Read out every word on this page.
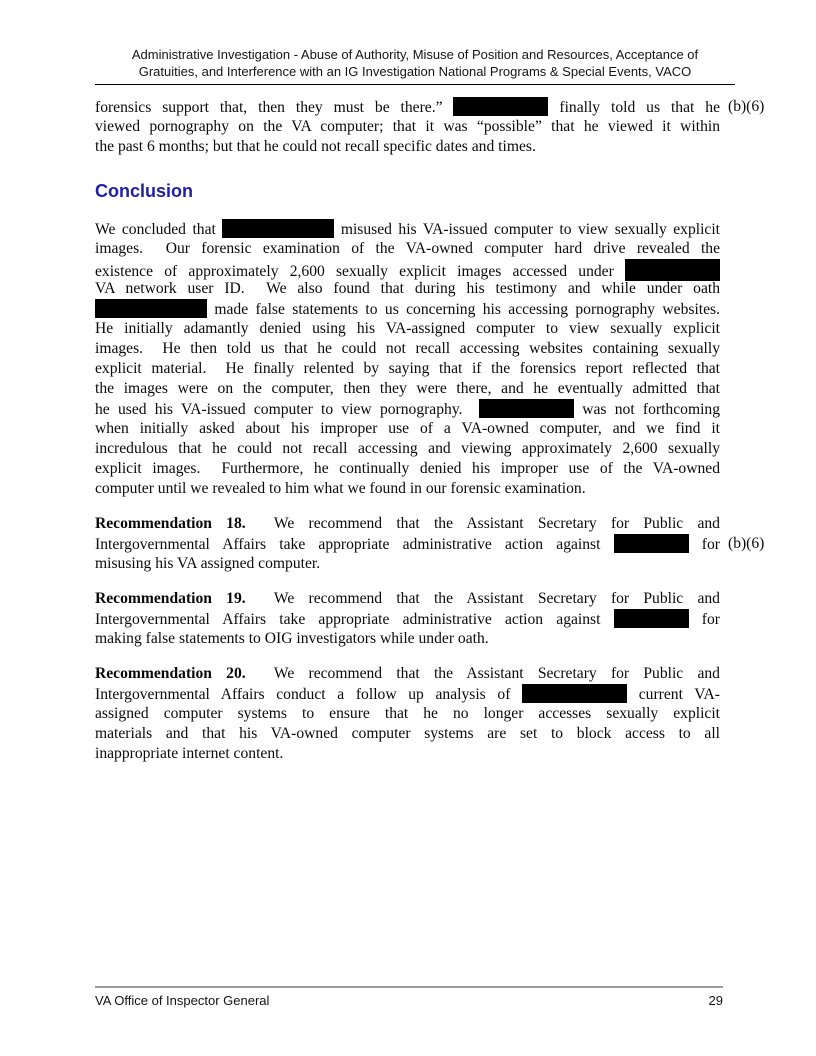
Administrative Investigation - Abuse of Authority, Misuse of Position and Resources, Acceptance of
Gratuities, and Interference with an IG Investigation National Programs & Special Events, VACO
forensics support that, then they must be there.”	finally told us that he
viewed pornography on the VA computer; that it was “possible” that he viewed it within
the past 6 months; but that he could not recall specific dates and times.
(b)(6)
Conclusion
We concluded that	misused his VA-issued computer to view sexually explicit
images.  Our forensic examination of the VA-owned computer hard drive revealed the
existence of approximately 2,600 sexually explicit images accessed under
VA network user ID.  We also found that during his testimony and while under oath
made false statements to us concerning his accessing pornography websites.
He initially adamantly denied using his VA-assigned computer to view sexually explicit
images.  He then told us that he could not recall accessing websites containing sexually
explicit material.  He finally relented by saying that if the forensics report reflected that
the images were on the computer, then they were there, and he eventually admitted that
he used his VA-issued computer to view pornography.	was not forthcoming
when initially asked about his improper use of a VA-owned computer, and we find it
incredulous that he could not recall accessing and viewing approximately 2,600 sexually
explicit images.  Furthermore, he continually denied his improper use of the VA-owned
computer until we revealed to him what we found in our forensic examination.
Recommendation 18.  We recommend that the Assistant Secretary for Public and
Intergovernmental Affairs take appropriate administrative action against	for
misusing his VA assigned computer.
(b)(6)
Recommendation 19.  We recommend that the Assistant Secretary for Public and
Intergovernmental Affairs take appropriate administrative action against	for
making false statements to OIG investigators while under oath.
Recommendation 20.  We recommend that the Assistant Secretary for Public and
Intergovernmental Affairs conduct a follow up analysis of	current VA-
assigned computer systems to ensure that he no longer accesses sexually explicit
materials and that his VA-owned computer systems are set to block access to all
inappropriate internet content.
VA Office of Inspector General	29
